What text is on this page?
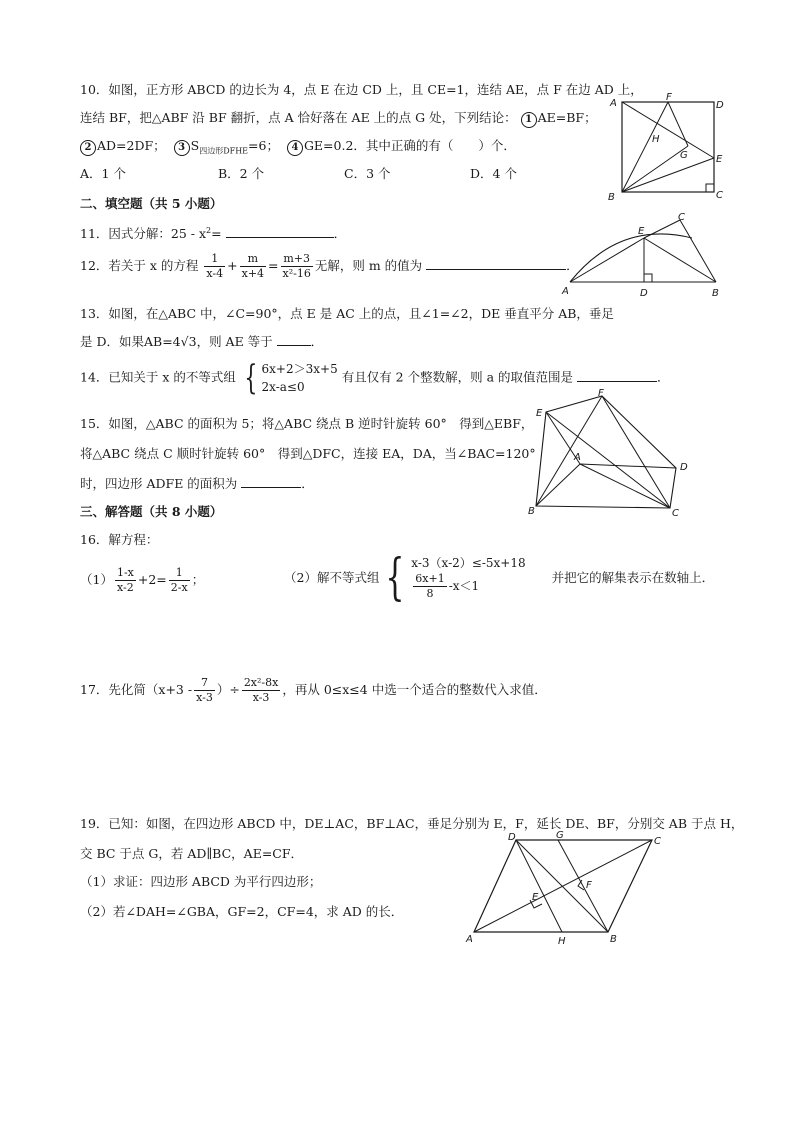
10．如图，正方形 ABCD 的边长为 4，点 E 在边 CD 上，且 CE=1，连结 AE，点 F 在边 AD 上，
连结 BF，把△ABF 沿 BF 翻折，点 A 恰好落在 AE 上的点 G 处，下列结论： 1 AE=BF；
2 AD=2DF； 3 $S_{四边形DFHE}=6$； 4 GE=0.2．其中正确的有（　　）个．
A．1 个	B．2 个	C．3 个	D．4 个
A
F
D
H
G	E
B	C
二、填空题（共 5 小题）
11．因式分解：$25 - x^2=$	．
12．若关于 x 的方程 $\frac{1}{x-4} + \frac{m}{x+4} = \frac{m+3}{\text{x²-16}}$ 无解，则 m 的值为	．
C
E
A	D	B
13．如图，在△ABC 中，∠C=90°，点 E 是 AC 上的点，且∠1=∠2，DE 垂直平分 AB，垂足
是 D．如果AB=4√3，则 AE 等于	．
14．已知关于 x 的不等式组 { 6x+2＞3x+5
2x-a≤0
有且仅有 2 个整数解，则 a 的取值范围是	．
15．如图，△ABC 的面积为 5；将△ABC 绕点 B 逆时针旋转 60°　得到△EBF，
将△ABC 绕点 C 顺时针旋转 60°　得到△DFC，连接 EA，DA，当∠BAC=120°
时，四边形 ADFE 的面积为	．
E
F
A
D
B	C
三、解答题（共 8 小题）
16．解方程：
$(1) \frac{1-x}{x-2} +2= \frac{1}{2-x}$ ；	（2）解不等式组 { x-3（x-2）≤-5x+18
$\frac{6x+1}{8} -x<1$
并把它的解集表示在数轴上．
17．先化简（$x+3 - \frac{7}{x-3}$ ）÷ $\frac{\text{2x²-8x}}{x-3}$ ，再从 0≤x≤4 中选一个适合的整数代入求值．
19．已知：如图，在四边形 ABCD 中，DE⊥AC，BF⊥AC，垂足分别为 E，F，延长 DE、BF，分别交 AB 于点 H，
交 BC 于点 G，若 AD∥BC，AE=CF．
（1）求证：四边形 ABCD 为平行四边形；
（2）若∠DAH=∠GBA，GF=2，CF=4，求 AD 的长．
D	G
C
F
E
A	H	B
